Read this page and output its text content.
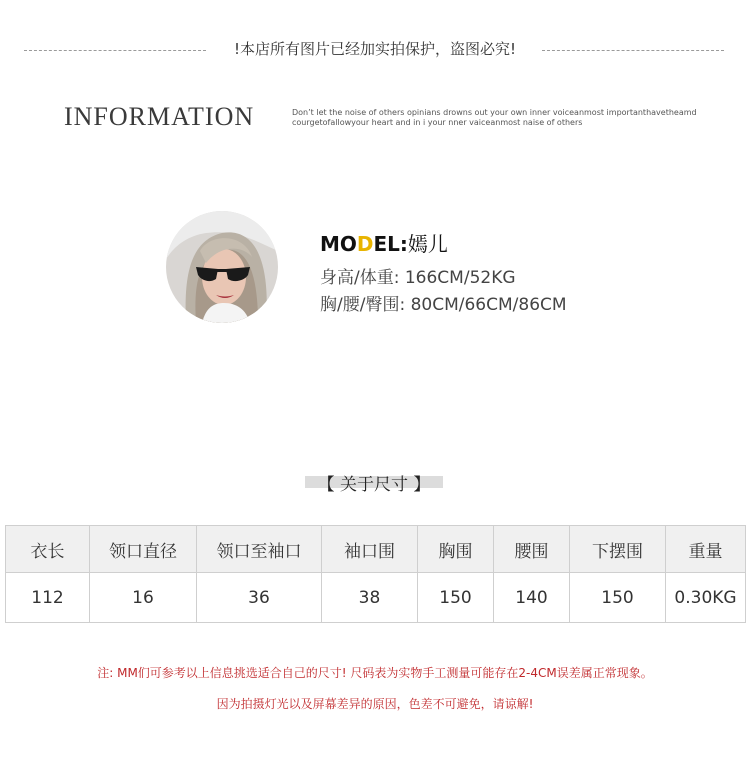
!本店所有图片已经加实拍保护，盗图必究!
INFORMATION	Don’t let the noise of others opinians drowns out your own inner voiceanmost importanthavetheamd
courgetofallowyour heart and in i your nner vaiceanmost naise of others
MODEL:嫣儿
身高/体重: 166CM/52KG
胸/腰/臀围: 80CM/66CM/86CM
【 关于尺寸 】
衣长	领口直径	领口至袖口	袖口围	胸围	腰围	下摆围	重量
112	16	36	38	150	140	150	0.30KG
注: MM们可参考以上信息挑选适合自己的尺寸! 尺码表为实物手工测量可能存在2-4CM误差属正常现象。
因为拍摄灯光以及屏幕差异的原因，色差不可避免，请谅解!
